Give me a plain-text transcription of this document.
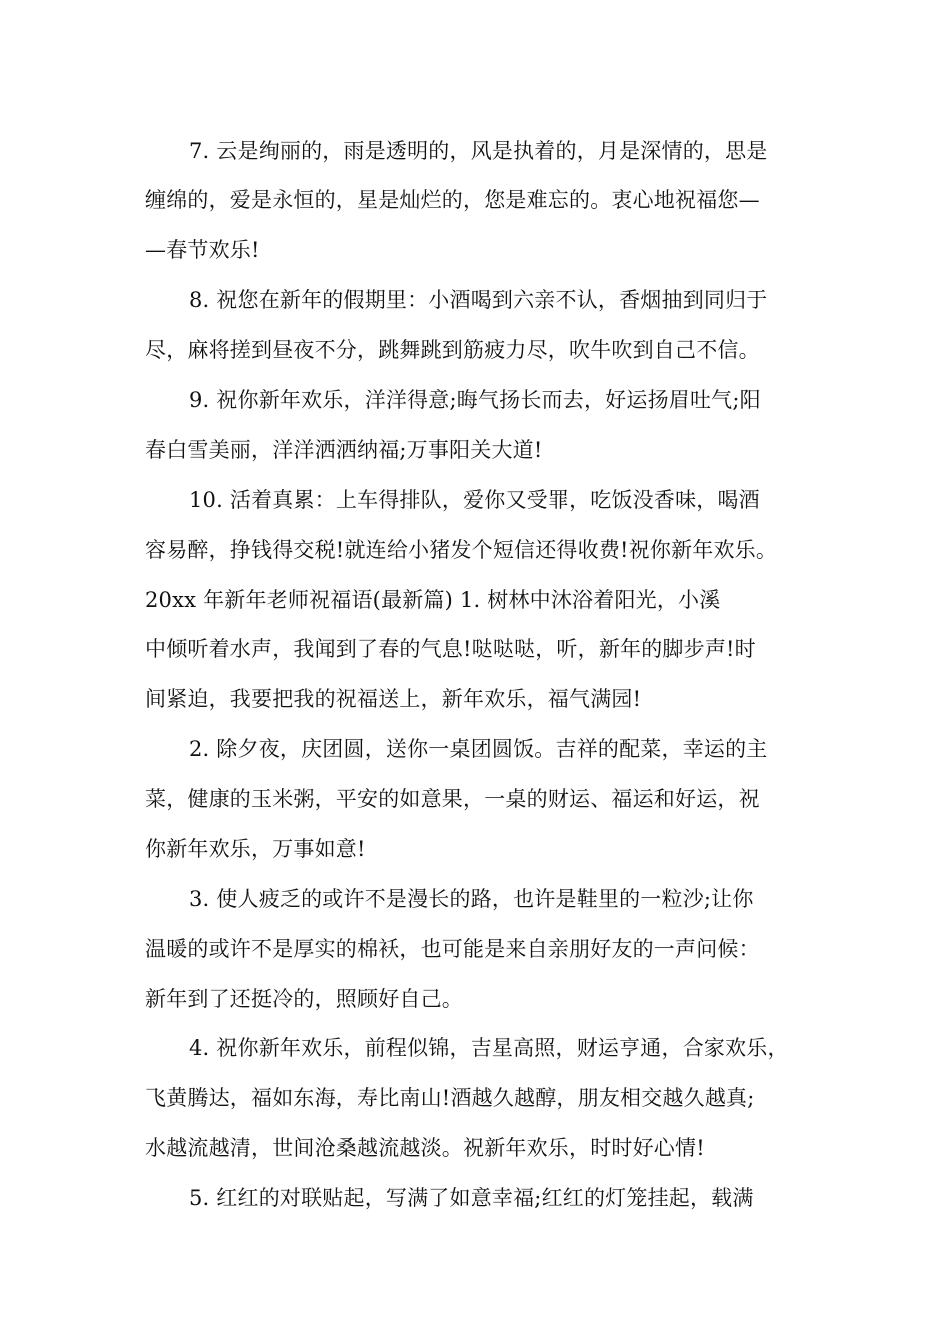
7. 云是绚丽的，雨是透明的，风是执着的，月是深情的，思是
缠绵的，爱是永恒的，星是灿烂的，您是难忘的。衷心地祝福您—
—春节欢乐!
8. 祝您在新年的假期里：小酒喝到六亲不认，香烟抽到同归于
尽，麻将搓到昼夜不分，跳舞跳到筋疲力尽，吹牛吹到自己不信。
9. 祝你新年欢乐，洋洋得意;晦气扬长而去，好运扬眉吐气;阳
春白雪美丽，洋洋洒洒纳福;万事阳关大道!
10. 活着真累：上车得排队，爱你又受罪，吃饭没香味，喝酒
容易醉，挣钱得交税!就连给小猪发个短信还得收费!祝你新年欢乐。
20xx 年新年老师祝福语(最新篇) 1. 树林中沐浴着阳光，小溪
中倾听着水声，我闻到了春的气息!哒哒哒，听，新年的脚步声!时
间紧迫，我要把我的祝福送上，新年欢乐，福气满园!
2. 除夕夜，庆团圆，送你一桌团圆饭。吉祥的配菜，幸运的主
菜，健康的玉米粥，平安的如意果，一桌的财运、福运和好运，祝
你新年欢乐，万事如意!
3. 使人疲乏的或许不是漫长的路，也许是鞋里的一粒沙;让你
温暖的或许不是厚实的棉袄，也可能是来自亲朋好友的一声问候：
新年到了还挺冷的，照顾好自己。
4. 祝你新年欢乐，前程似锦，吉星高照，财运亨通，合家欢乐，
飞黄腾达，福如东海，寿比南山!酒越久越醇，朋友相交越久越真;
水越流越清，世间沧桑越流越淡。祝新年欢乐，时时好心情!
5. 红红的对联贴起，写满了如意幸福;红红的灯笼挂起，载满
